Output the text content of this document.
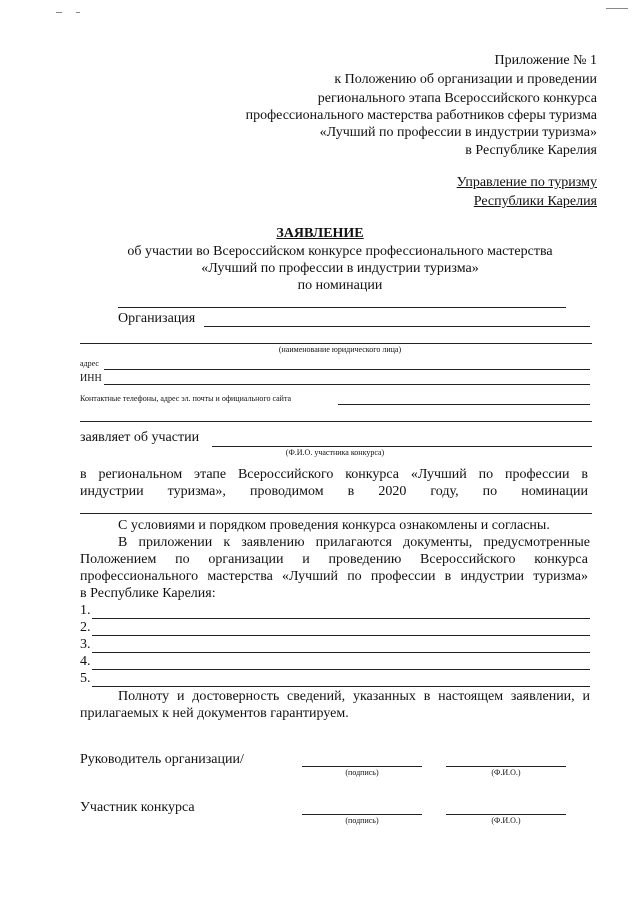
Приложение № 1
к Положению об организации и проведении
регионального этапа Всероссийского конкурса
профессионального мастерства работников сферы туризма
«Лучший по профессии в индустрии туризма»
в Республике Карелия
Управление по туризму
Республики Карелия
ЗАЯВЛЕНИЕ
об участии во Всероссийском конкурсе профессионального мастерства
«Лучший по профессии в индустрии туризма»
по номинации
Организация
(наименование юридического лица)
адрес
ИНН
Контактные телефоны, адрес эл. почты и официального сайта
заявляет об участии
(Ф.И.О. участника конкурса)
в региональном этапе Всероссийского конкурса «Лучший по профессии в
индустрии туризма», проводимом в 2020 году, по номинации
С условиями и порядком проведения конкурса ознакомлены и согласны.
В приложении к заявлению прилагаются документы, предусмотренные
Положением по организации и проведению Всероссийского конкурса
профессионального мастерства «Лучший по профессии в индустрии туризма»
в Республике Карелия:
1.
2.
3.
4.
5.
Полноту и достоверность сведений, указанных в настоящем заявлении, и
прилагаемых к ней документов гарантируем.
Руководитель организации/
(подпись)	(Ф.И.О.)
Участник конкурса
(подпись)	(Ф.И.О.)
